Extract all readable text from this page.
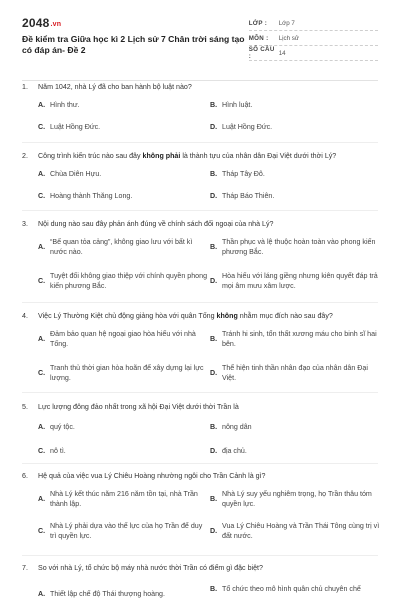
2048.vn
Đề kiểm tra Giữa học kì 2 Lịch sử 7 Chân trời sáng tạo có đáp án- Đề 2
LỚP :	Lớp 7
MÔN :	Lịch sử
SỐ CÂU :	14
1.	Năm 1042, nhà Lý đã cho ban hành bộ luật nào?
A. Hình thư.	B. Hình luật.
C. Luật Hồng Đức.	D. Luật Hồng Đức.
2.	Công trình kiến trúc nào sau đây không phải là thành tựu của nhân dân Đại Việt dưới thời Lý?
A. Chùa Diên Hựu.	B. Tháp Tây Đô.
C. Hoàng thành Thăng Long.	D. Tháp Báo Thiên.
3.	Nội dung nào sau đây phản ánh đúng về chính sách đối ngoại của nhà Lý?
A.
“Bế quan tỏa cảng”, không giao lưu với bất kì nước nào.
B.
Thần phục và lệ thuộc hoàn toàn vào phong kiến phương Bắc.
C.
Tuyệt đối không giao thiệp với chính quyền phong kiến phương Bắc.
D.
Hòa hiếu với láng giềng nhưng kiên quyết đáp trả mọi âm mưu xâm lược.
4.	Việc Lý Thường Kiệt chủ động giảng hòa với quân Tống không nhằm mục đích nào sau đây?
A.
Đảm bảo quan hệ ngoại giao hòa hiếu với nhà Tống.
B.
Tránh hi sinh, tổn thất xương máu cho binh sĩ hai bên.
C.
Tranh thủ thời gian hòa hoãn để xây dựng lại lực lượng.
D.
Thể hiện tinh thần nhân đạo của nhân dân Đại Việt.
5.	Lực lượng đông đảo nhất trong xã hội Đại Việt dưới thời Trần là
A. quý tộc.	B. nông dân
C. nô tì.	D. địa chủ.
6.	Hệ quả của việc vua Lý Chiêu Hoàng nhường ngôi cho Trần Cảnh là gì?
A.
Nhà Lý kết thúc năm 216 năm tồn tại, nhà Trần thành lập.
B.
Nhà Lý suy yếu nghiêm trọng, họ Trần thâu tóm quyền lực.
C.
Nhà Lý phải dựa vào thế lực của họ Trần để duy trì quyền lực.
D.
Vua Lý Chiêu Hoàng và Trần Thái Tông cùng trị vì đất nước.
7.	So với nhà Lý, tổ chức bộ máy nhà nước thời Trần có điểm gì đặc biệt?
A. Thiết lập chế độ Thái thượng hoàng.
B. Tổ chức theo mô hình quân chủ chuyên chế
